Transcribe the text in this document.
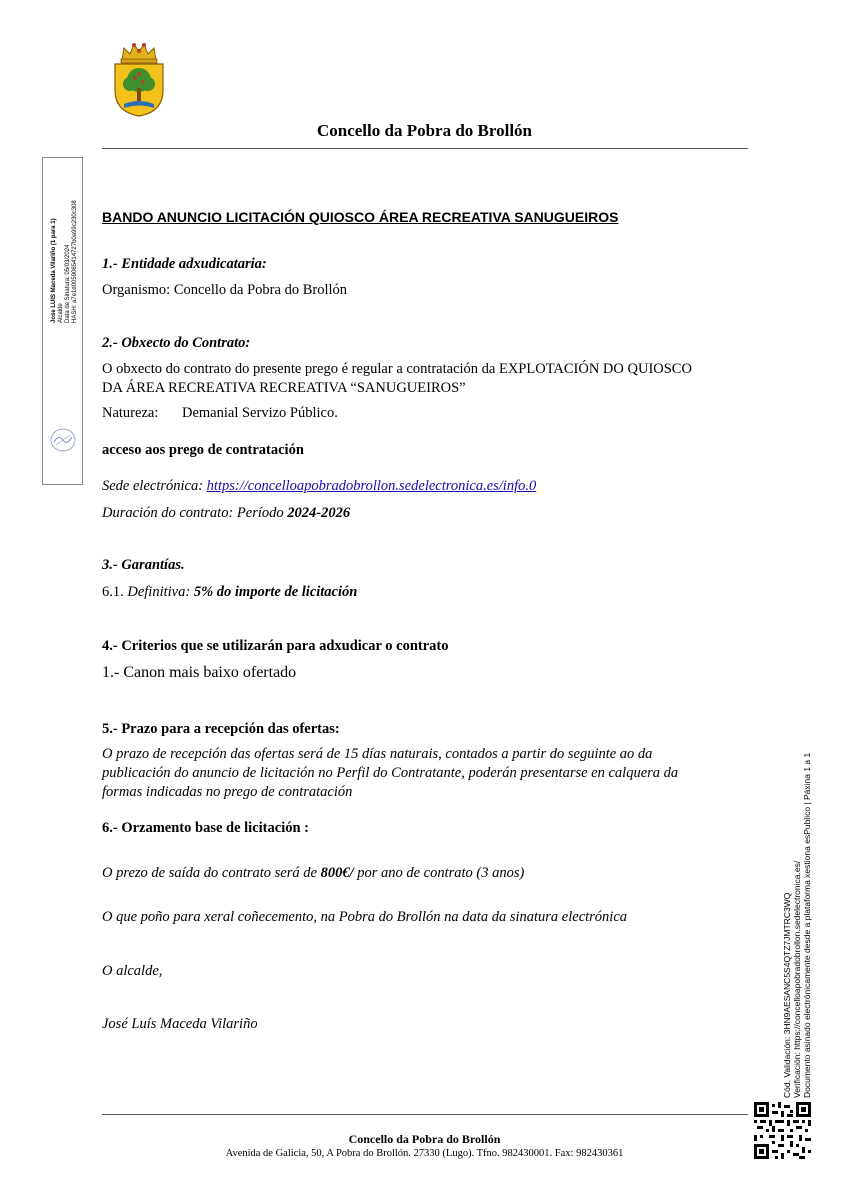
Concello da Pobra do Brollón
Jose LUIS Maceda Vilariño (1 para 1) Alcalde Data de Sinatura: 05/03/2024 HASH: a7e1d0059065414727b0a99c230c308 BANDO ANUNCIO LICITACIÓN QUIOSCO ÁREA RECREATIVA SANUGUEIROS
1.- Entidade adxudicataria:
Organismo: Concello da Pobra do Brollón
2.- Obxecto do Contrato:
O obxecto do contrato do presente prego é regular a contratación da EXPLOTACIÓN DO QUIOSCO
DA ÁREA RECREATIVA RECREATIVA “SANUGUEIROS”
Natureza: Demanial Servizo Público.
acceso aos prego de contratación
Sede electrónica: https://concelloapobradobrollon.sedelectronica.es/info.0
Duración do contrato: Período 2024-2026
3.- Garantías.
6.1. Definitiva: 5% do importe de licitación
4.- Criterios que se utilizarán para adxudicar o contrato
1.- Canon mais baixo ofertado
5.- Prazo para a recepción das ofertas:
O prazo de recepción das ofertas será de 15 días naturais, contados a partir do seguinte ao da
publicación do anuncio de licitación no Perfil do Contratante, poderán presentarse en calquera da
formas indicadas no prego de contratación
6.- Orzamento base de licitación :
O prezo de saída do contrato será de 800€/ por ano de contrato (3 anos)
O que poño para xeral coñecemento, na Pobra do Brollón na data da sinatura electrónica
O alcalde,
José Luís Maceda Vilariño
Concello da Pobra do Brollón
Avenida de Galicia, 50, A Pobra do Brollón. 27330 (Lugo). Tfno. 982430001. Fax: 982430361
Cód. Validación: 3HN9AESANC5S4QTZ7JMTRC3WQ Verificación: https://concelloapobradobrollon.sedelectronica.es/ Documento asinado electrónicamente desde a plataforma xestiona esPublico | Páxina 1 a 1
